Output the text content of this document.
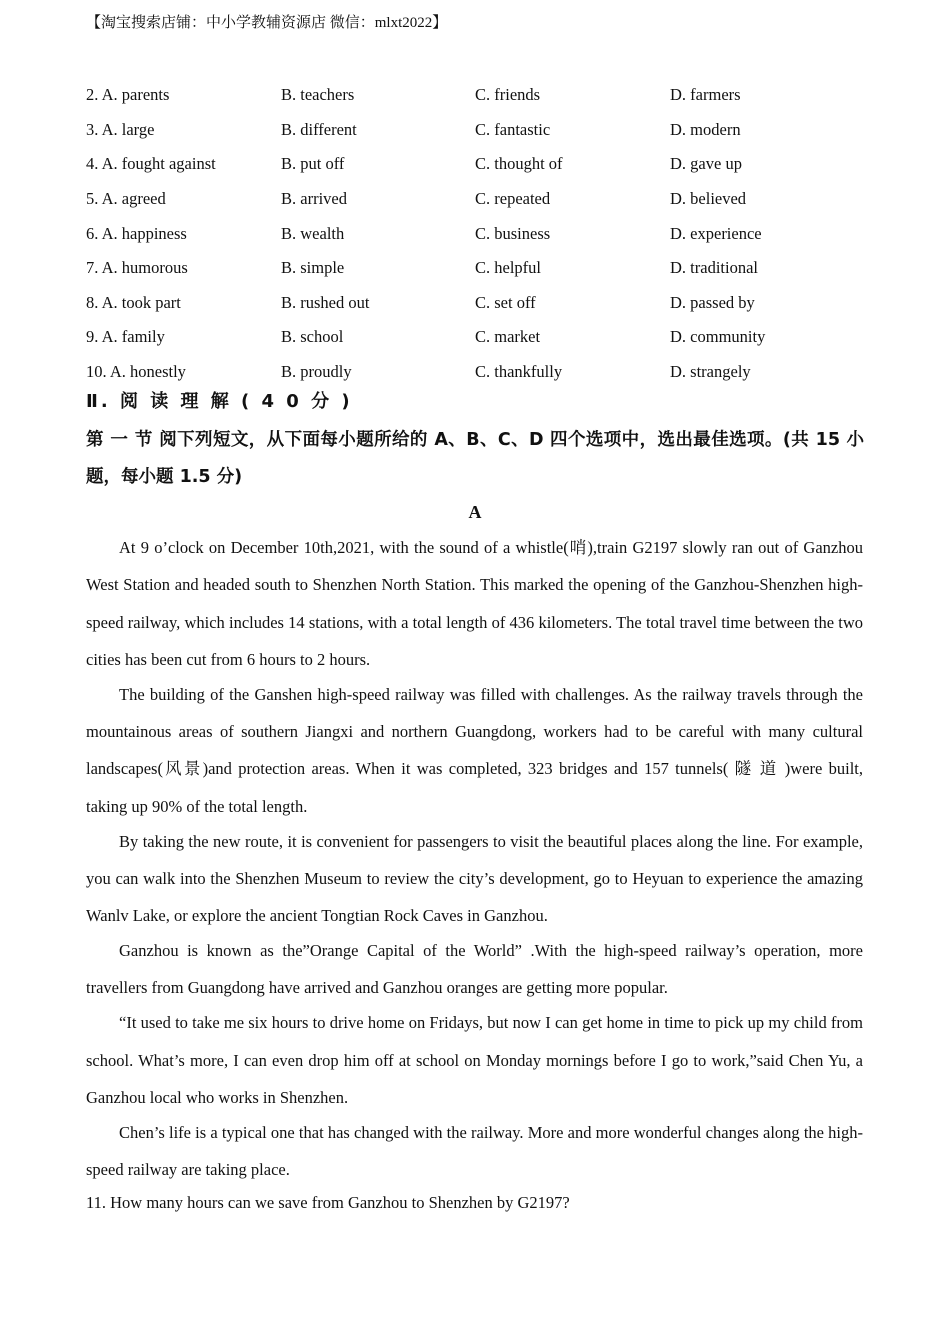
【淘宝搜索店铺：中小学教辅资源店 微信：mlxt2022】
2. A. parents	B. teachers	C. friends	D. farmers
3. A. large	B. different	C. fantastic	D. modern
4. A. fought against	B. put off	C. thought of	D. gave up
5. A. agreed	B. arrived	C. repeated	D. believed
6. A. happiness	B. wealth	C. business	D. experience
7. A. humorous	B. simple	C. helpful	D. traditional
8. A. took part	B. rushed out	C. set off	D. passed by
9. A. family	B. school	C. market	D. community
10. A. honestly	B. proudly	C. thankfully	D. strangely
Ⅱ. 阅 读 理 解 ( 4 0 分 )
第 一 节 阅下列短文，从下面每小题所给的 A、B、C、D 四个选项中，选出最佳选项。(共 15 小题，每小题 1.5 分)
A

At 9 o’clock on December 10th,2021, with the sound of a whistle(哨),train G2197 slowly ran out of Ganzhou West Station and headed south to Shenzhen North Station. This marked the opening of the Ganzhou-Shenzhen high-speed railway, which includes 14 stations, with a total length of 436 kilometers. The total travel time between the two cities has been cut from 6 hours to 2 hours.

The building of the Ganshen high-speed railway was filled with challenges. As the railway travels through the mountainous areas of southern Jiangxi and northern Guangdong, workers had to be careful with many cultural landscapes(风景)and protection areas. When it was completed, 323 bridges and 157 tunnels( 隧 道 )were built, taking up 90% of the total length.

By taking the new route, it is convenient for passengers to visit the beautiful places along the line. For example, you can walk into the Shenzhen Museum to review the city’s development, go to Heyuan to experience the amazing Wanlv Lake, or explore the ancient Tongtian Rock Caves in Ganzhou.

Ganzhou is known as the”Orange Capital of the World” .With the high-speed railway’s operation, more travellers from Guangdong have arrived and Ganzhou oranges are getting more popular.

“It used to take me six hours to drive home on Fridays, but now I can get home in time to pick up my child from school. What’s more, I can even drop him off at school on Monday mornings before I go to work,”said Chen Yu, a Ganzhou local who works in Shenzhen.

Chen’s life is a typical one that has changed with the railway. More and more wonderful changes along the high-speed railway are taking place.

11. How many hours can we save from Ganzhou to Shenzhen by G2197?
